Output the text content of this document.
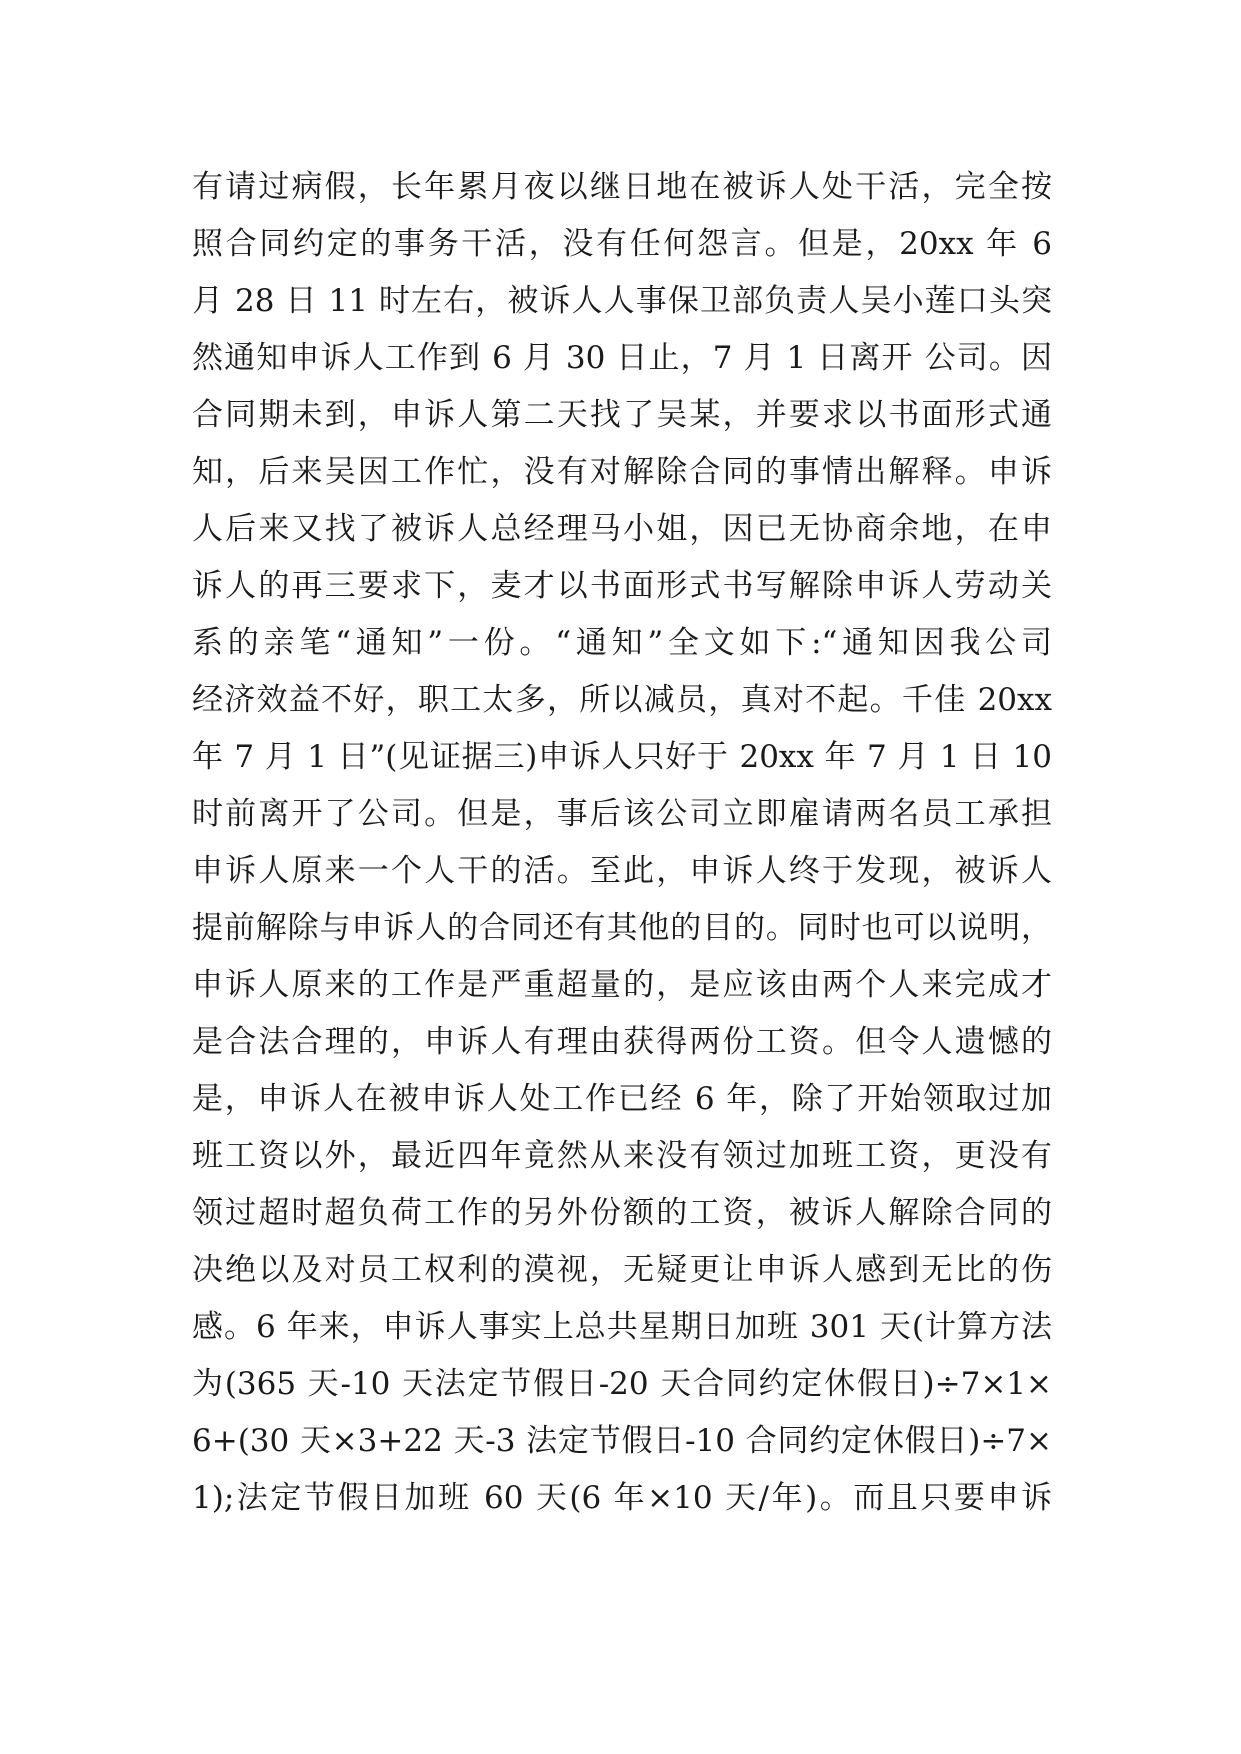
有请过病假，长年累月夜以继日地在被诉人处干活，完全按
照合同约定的事务干活，没有任何怨言。但是，20xx 年 6
月 28 日 11 时左右，被诉人人事保卫部负责人吴小莲口头突
然通知申诉人工作到 6 月 30 日止，7 月 1 日离开 公司。因
合同期未到，申诉人第二天找了吴某，并要求以书面形式通
知，后来吴因工作忙，没有对解除合同的事情出解释。申诉
人后来又找了被诉人总经理马小姐，因已无协商余地，在申
诉人的再三要求下，麦才以书面形式书写解除申诉人劳动关
系的亲笔“通知”一份。“通知”全文如下:“通知因我公司
经济效益不好，职工太多，所以减员，真对不起。千佳 20xx
年 7 月 1 日”(见证据三)申诉人只好于 20xx 年 7 月 1 日 10
时前离开了公司。但是，事后该公司立即雇请两名员工承担
申诉人原来一个人干的活。至此，申诉人终于发现，被诉人
提前解除与申诉人的合同还有其他的目的。同时也可以说明，
申诉人原来的工作是严重超量的，是应该由两个人来完成才
是合法合理的，申诉人有理由获得两份工资。但令人遗憾的
是，申诉人在被申诉人处工作已经 6 年，除了开始领取过加
班工资以外，最近四年竟然从来没有领过加班工资，更没有
领过超时超负荷工作的另外份额的工资，被诉人解除合同的
决绝以及对员工权利的漠视，无疑更让申诉人感到无比的伤
感。6 年来，申诉人事实上总共星期日加班 301 天(计算方法
为(365 天-10 天法定节假日-20 天合同约定休假日)÷7×1×
6+(30 天×3+22 天-3 法定节假日-10 合同约定休假日)÷7×
1);法定节假日加班 60 天(6 年×10 天/年)。而且只要申诉
